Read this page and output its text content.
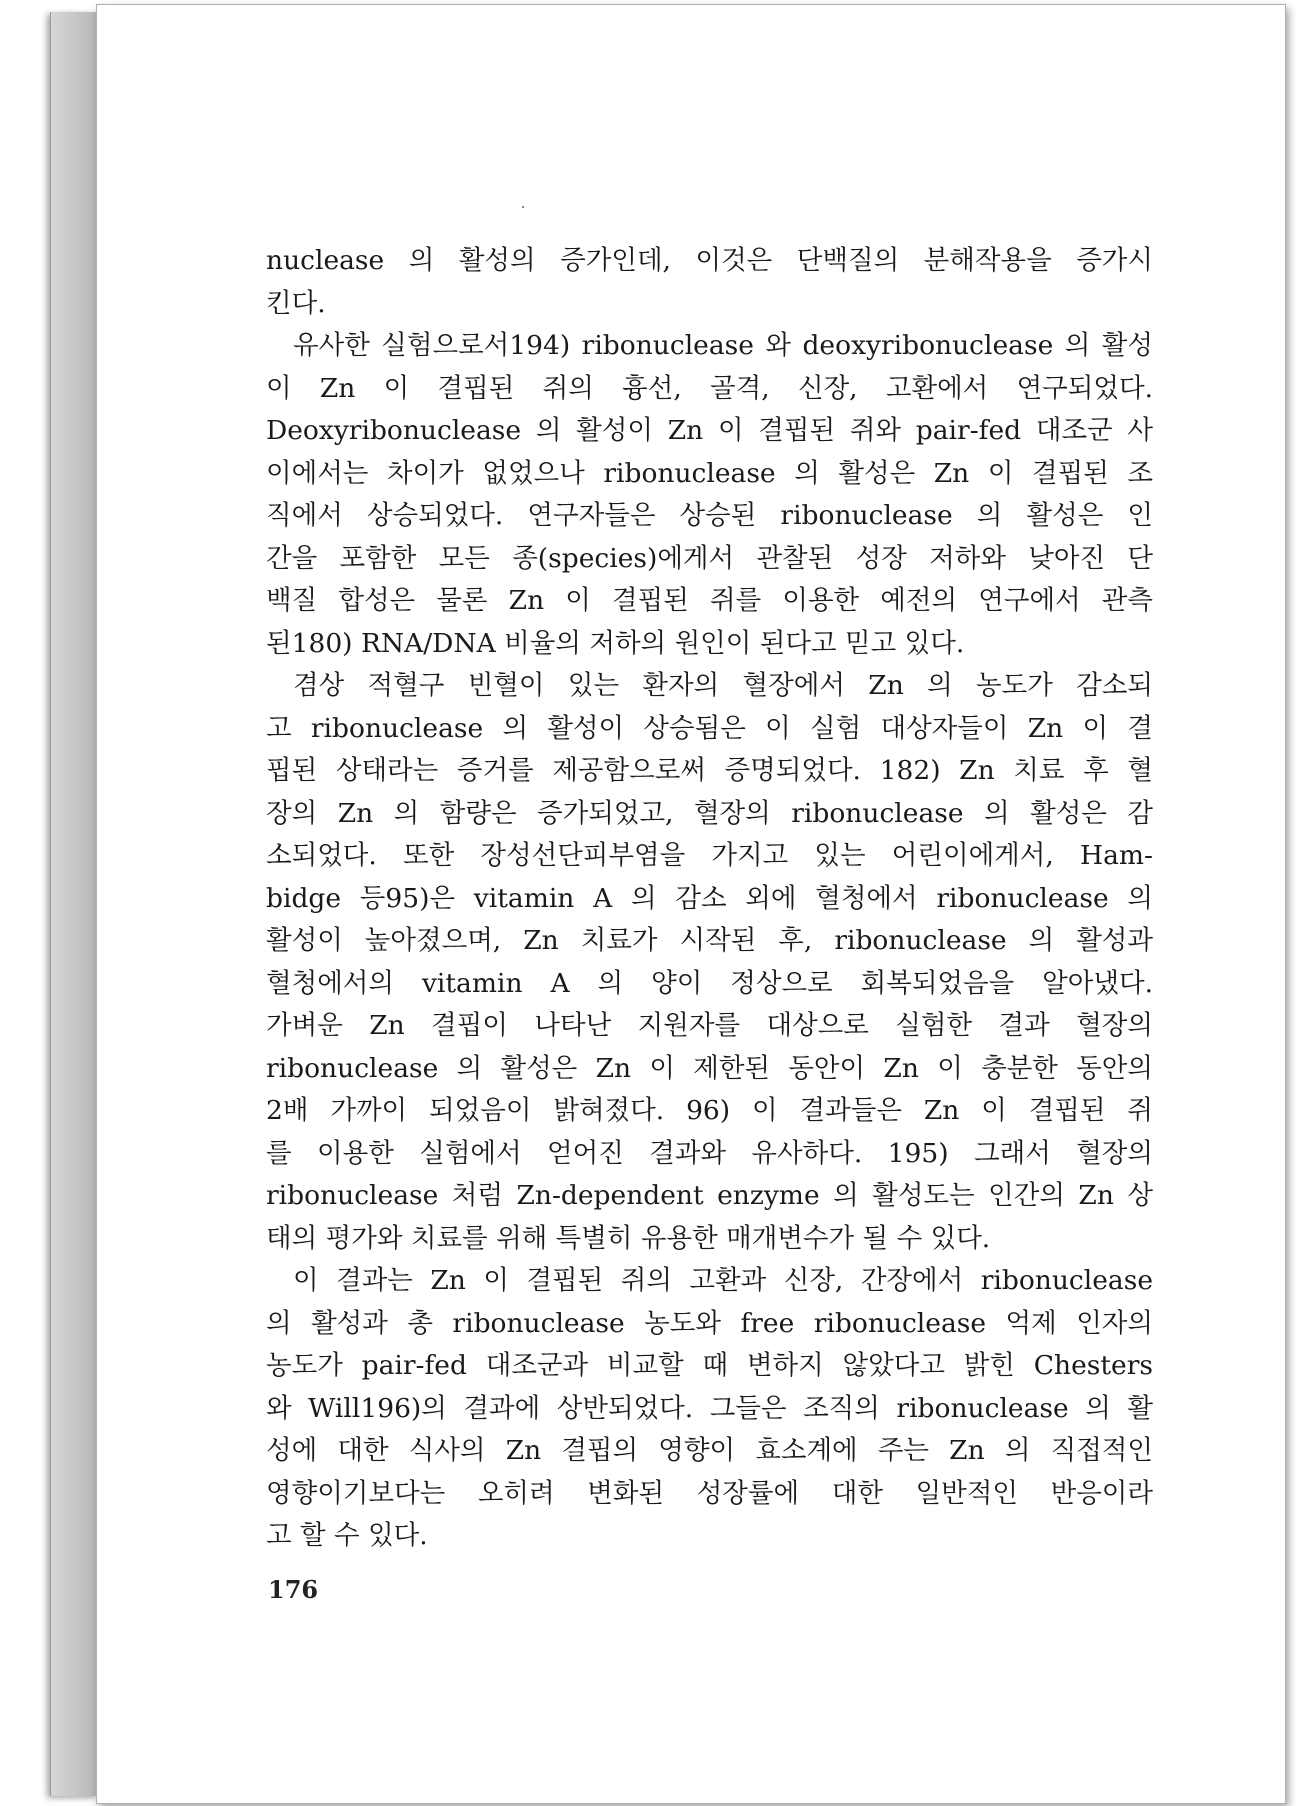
nuclease 의 활성의 증가인데, 이것은 단백질의 분해작용을 증가시
킨다.
유사한 실험으로서194) ribonuclease 와 deoxyribonuclease 의 활성
이 Zn 이 결핍된 쥐의 흉선, 골격, 신장, 고환에서 연구되었다.
Deoxyribonuclease 의 활성이 Zn 이 결핍된 쥐와 pair-fed 대조군 사
이에서는 차이가 없었으나 ribonuclease 의 활성은 Zn 이 결핍된 조
직에서 상승되었다. 연구자들은 상승된 ribonuclease 의 활성은 인
간을 포함한 모든 종(species)에게서 관찰된 성장 저하와 낮아진 단
백질 합성은 물론 Zn 이 결핍된 쥐를 이용한 예전의 연구에서 관측
된180) RNA/DNA 비율의 저하의 원인이 된다고 믿고 있다.
겸상 적혈구 빈혈이 있는 환자의 혈장에서 Zn 의 농도가 감소되
고 ribonuclease 의 활성이 상승됨은 이 실험 대상자들이 Zn 이 결
핍된 상태라는 증거를 제공함으로써 증명되었다. 182) Zn 치료 후 혈
장의 Zn 의 함량은 증가되었고, 혈장의 ribonuclease 의 활성은 감
소되었다. 또한 장성선단피부염을 가지고 있는 어린이에게서, Ham-
bidge 등95)은 vitamin A 의 감소 외에 혈청에서 ribonuclease 의
활성이 높아졌으며, Zn 치료가 시작된 후, ribonuclease 의 활성과
혈청에서의 vitamin A 의 양이 정상으로 회복되었음을 알아냈다.
가벼운 Zn 결핍이 나타난 지원자를 대상으로 실험한 결과 혈장의
ribonuclease 의 활성은 Zn 이 제한된 동안이 Zn 이 충분한 동안의
2배 가까이 되었음이 밝혀졌다. 96) 이 결과들은 Zn 이 결핍된 쥐
를 이용한 실험에서 얻어진 결과와 유사하다. 195) 그래서 혈장의
ribonuclease 처럼 Zn-dependent enzyme 의 활성도는 인간의 Zn 상
태의 평가와 치료를 위해 특별히 유용한 매개변수가 될 수 있다.
이 결과는 Zn 이 결핍된 쥐의 고환과 신장, 간장에서 ribonuclease
의 활성과 총 ribonuclease 농도와 free ribonuclease 억제 인자의
농도가 pair-fed 대조군과 비교할 때 변하지 않았다고 밝힌 Chesters
와 Will196)의 결과에 상반되었다. 그들은 조직의 ribonuclease 의 활
성에 대한 식사의 Zn 결핍의 영향이 효소계에 주는 Zn 의 직접적인
영향이기보다는 오히려 변화된 성장률에 대한 일반적인 반응이라
고 할 수 있다.
176
